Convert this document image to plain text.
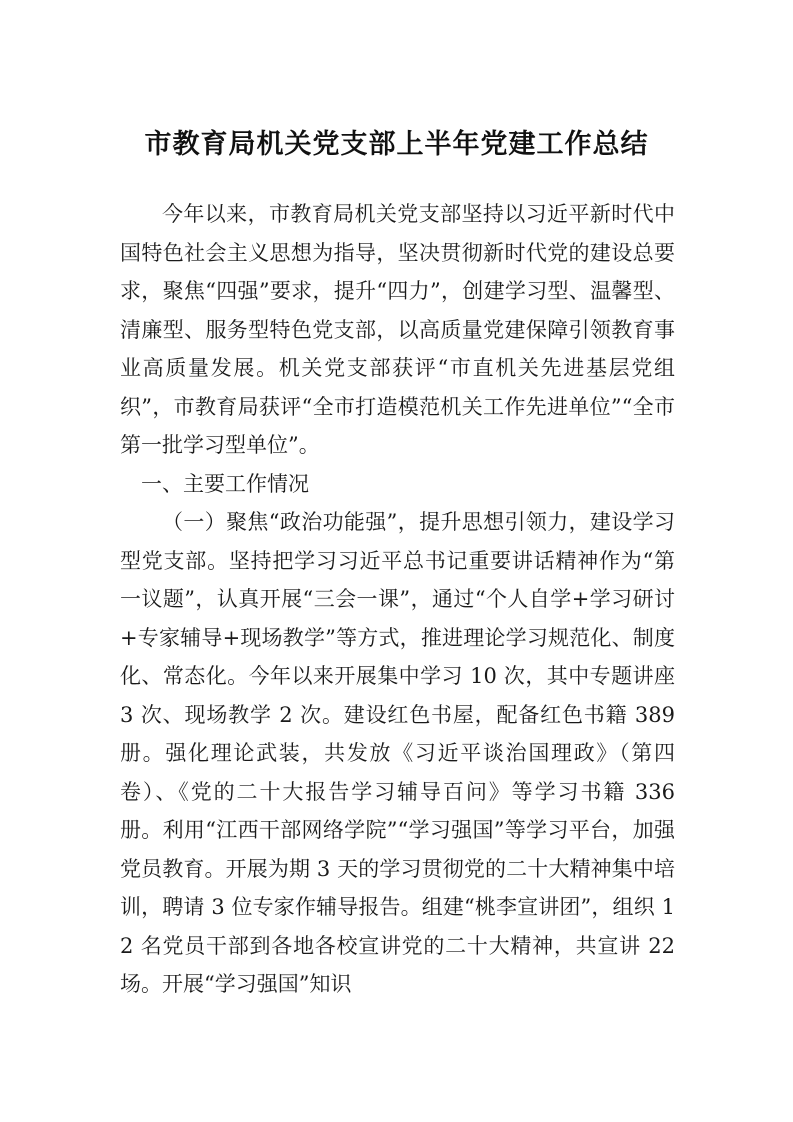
市教育局机关党支部上半年党建工作总结

今年以来，市教育局机关党支部坚持以习近平新时代中国特色社会主义思想为指导，坚决贯彻新时代党的建设总要求，聚焦“四强”要求，提升“四力”，创建学习型、温馨型、清廉型、服务型特色党支部，以高质量党建保障引领教育事业高质量发展。机关党支部获评“市直机关先进基层党组织”，市教育局获评“全市打造模范机关工作先进单位”“全市第一批学习型单位”。

一、主要工作情况

（一）聚焦“政治功能强”，提升思想引领力，建设学习型党支部。坚持把学习习近平总书记重要讲话精神作为“第一议题”，认真开展“三会一课”，通过“个人自学+学习研讨+专家辅导+现场教学”等方式，推进理论学习规范化、制度化、常态化。今年以来开展集中学习 10 次，其中专题讲座 3 次、现场教学 2 次。建设红色书屋，配备红色书籍 389 册。强化理论武装，共发放《习近平谈治国理政》（第四卷）、《党的二十大报告学习辅导百问》等学习书籍 336 册。利用“江西干部网络学院”“学习强国”等学习平台，加强党员教育。开展为期 3 天的学习贯彻党的二十大精神集中培训，聘请 3 位专家作辅导报告。组建“桃李宣讲团”，组织 12 名党员干部到各地各校宣讲党的二十大精神，共宣讲 22 场。开展“学习强国”知识
